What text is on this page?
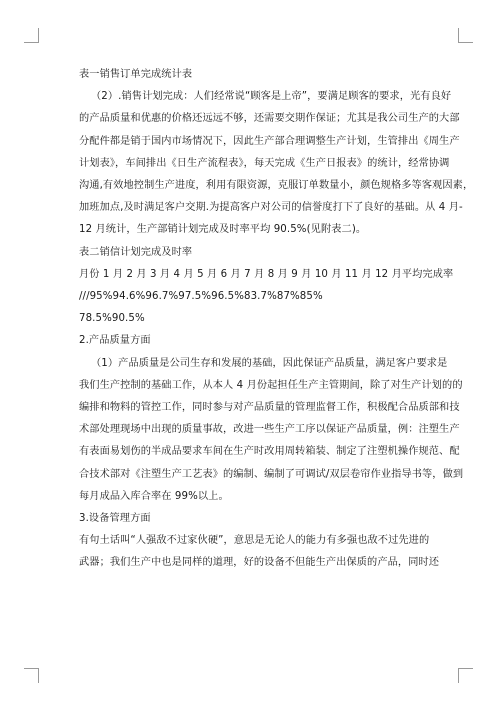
表一销售订单完成统计表

（2）.销售计划完成：人们经常说“顾客是上帝”，要满足顾客的要求，光有良好
的产品质量和优惠的价格还远远不够，还需要交期作保证；尤其是我公司生产的大部
分配件都是销于国内市场情况下，因此生产部合理调整生产计划，生管排出《周生产
计划表》，车间排出《日生产流程表》，每天完成《生产日报表》的统计，经常协调
沟通,有效地控制生产进度，利用有限资源，克服订单数量小，颜色规格多等客观因素，
加班加点,及时满足客户交期.为提高客户对公司的信誉度打下了良好的基础。从 4 月-
12 月统计，生产部销计划完成及时率平均 90.5%(见附表二)。

表二销信计划完成及时率

月份 1 月 2 月 3 月 4 月 5 月 6 月 7 月 8 月 9 月 10 月 11 月 12 月平均完成率

///95%94.6%96.7%97.5%96.5%83.7%87%85%

78.5%90.5%

2.产品质量方面

（1）产品质量是公司生存和发展的基础，因此保证产品质量，满足客户要求是
我们生产控制的基础工作，从本人 4 月份起担任生产主管期间，除了对生产计划的的
编排和物料的管控工作，同时参与对产品质量的管理监督工作，积极配合品质部和技
术部处理现场中出现的质量事故，改进一些生产工序以保证产品质量，例：注塑生产
有表面易划伤的半成品要求车间在生产时改用周转箱装、制定了注塑机操作规范、配
合技术部对《注塑生产工艺表》的编制、编制了可调试/双层卷帘作业指导书等，做到
每月成品入库合率在 99%以上。

3.设备管理方面

有句土话叫“人强敌不过家伙硬”，意思是无论人的能力有多强也敌不过先进的
武器；我们生产中也是同样的道理，好的设备不但能生产出保质的产品，同时还
